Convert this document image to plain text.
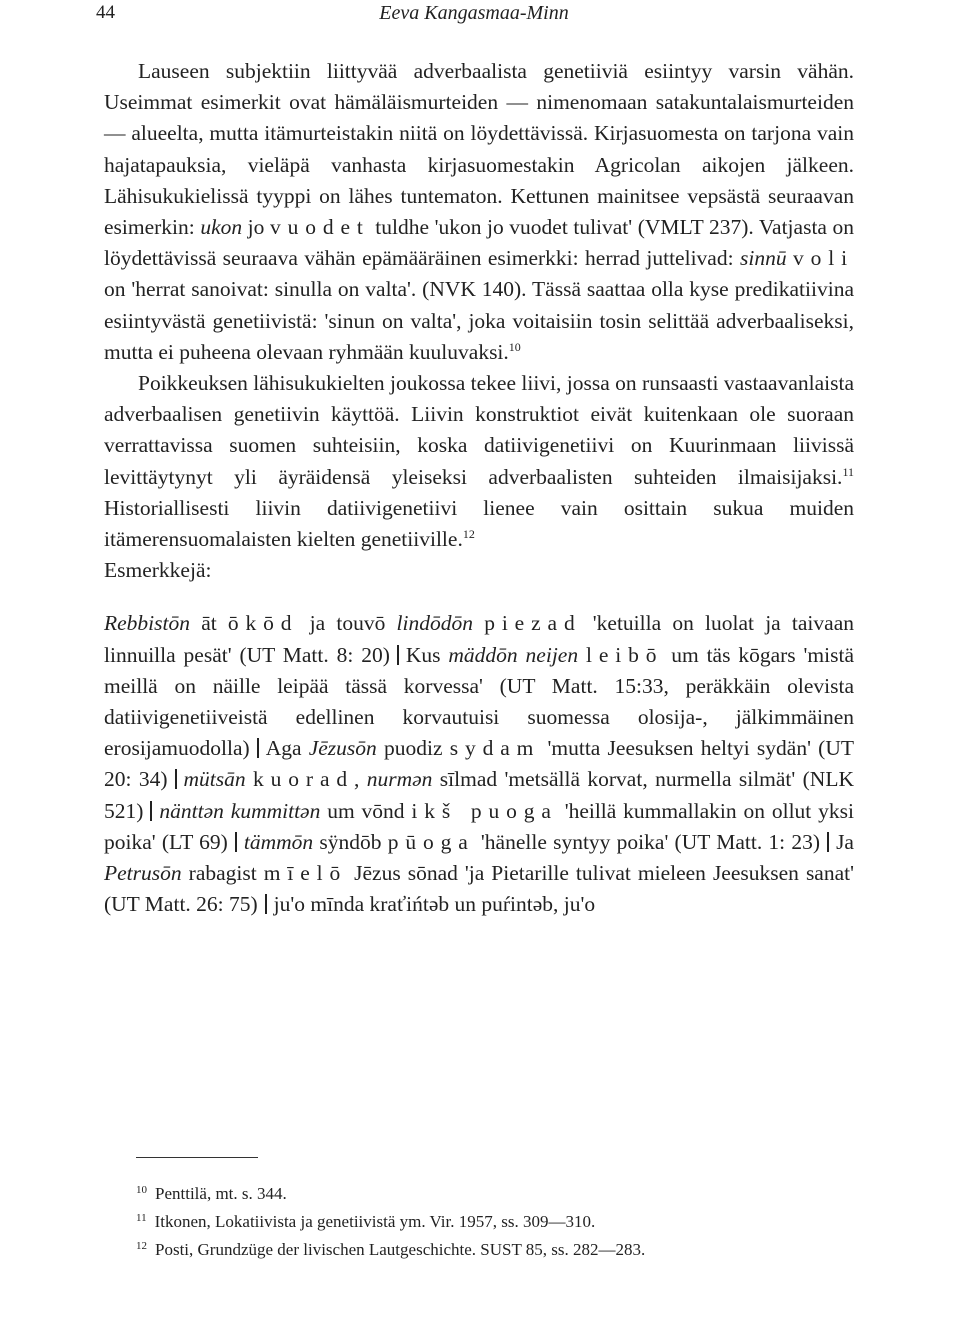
44	Eeva Kangasmaa-Minn

Lauseen subjektiin liittyvää adverbaalista genetiiviä esiintyy varsin vähän. Useimmat esimerkit ovat hämäläismurteiden — nimenomaan satakuntalaismurteiden — alueelta, mutta itämurteistakin niitä on löydettävissä. Kirjasuomesta on tarjona vain hajatapauksia, vieläpä vanhasta kirjasuomestakin Agricolan aikojen jälkeen. Lähisukukielissä tyyppi on lähes tuntematon. Kettunen mainitsee vepsästä seuraavan esimerkin: ukon jo vuodet tuldhe 'ukon jo vuodet tulivat' (VMLT 237). Vatjasta on löydettävissä seuraava vähän epämääräinen esimerkki: herrad juttelivad: sinnū voli on 'herrat sanoivat: sinulla on valta'. (NVK 140). Tässä saattaa olla kyse predikatiivina esiintyvästä genetiivistä: 'sinun on valta', joka voitaisiin tosin selittää adverbaaliseksi, mutta ei puheena olevaan ryhmään kuuluvaksi.$^{10}$

Poikkeuksen lähisukukielten joukossa tekee liivi, jossa on runsaasti vastaavanlaista adverbaalisen genetiivin käyttöä. Liivin konstruktiot eivät kuitenkaan ole suoraan verrattavissa suomen suhteisiin, koska datiivigenetiivi on Kuurinmaan liivissä levittäytynyt yli äyräidensä yleiseksi adverbaalisten suhteiden ilmaisijaksi.$^{11}$ Historiallisesti liivin datiivigenetiivi lienee vain osittain sukua muiden itämerensuomalaisten kielten genetiiville.$^{12}$

Esmerkkejä:

Rebbistōn āt ōkōd ja touvō lindōdōn piezad 'ketuilla on luolat ja taivaan linnuilla pesät' (UT Matt. 8: 20) Kus mäddōn neijen leibō um täs kōgars 'mistä meillä on näille leipää tässä korvessa' (UT Matt. 15:33, peräkkäin olevista datiivigenetiiveistä edellinen korvautuisi suomessa olosija-, jälkimmäinen erosijamuodolla) Aga Jēzusōn puodiz sydam 'mutta Jeesuksen heltyi sydän' (UT 20: 34) mütsān kuorad, nurmən sīlmad 'metsällä korvat, nurmella silmät' (NLK 521) nänttən kummittən um vōnd ikš puoga 'heillä kummallakin on ollut yksi poika' (LT 69) tämmōn sÿndōb pūoga 'hänelle syntyy poika' (UT Matt. 1: 23) Ja Petrusōn rabagist mīelō Jēzus sōnad 'ja Pietarille tulivat mieleen Jeesuksen sanat' (UT Matt. 26: 75) ju'o mīnda kraťińtəb un puŕintəb, ju'o

$^{10}$ Penttilä, mt. s. 344.
$^{11}$ Itkonen, Lokatiivista ja genetiivistä ym. Vir. 1957, ss. 309—310.
$^{12}$ Posti, Grundzüge der livischen Lautgeschichte. SUST 85, ss. 282—283.
